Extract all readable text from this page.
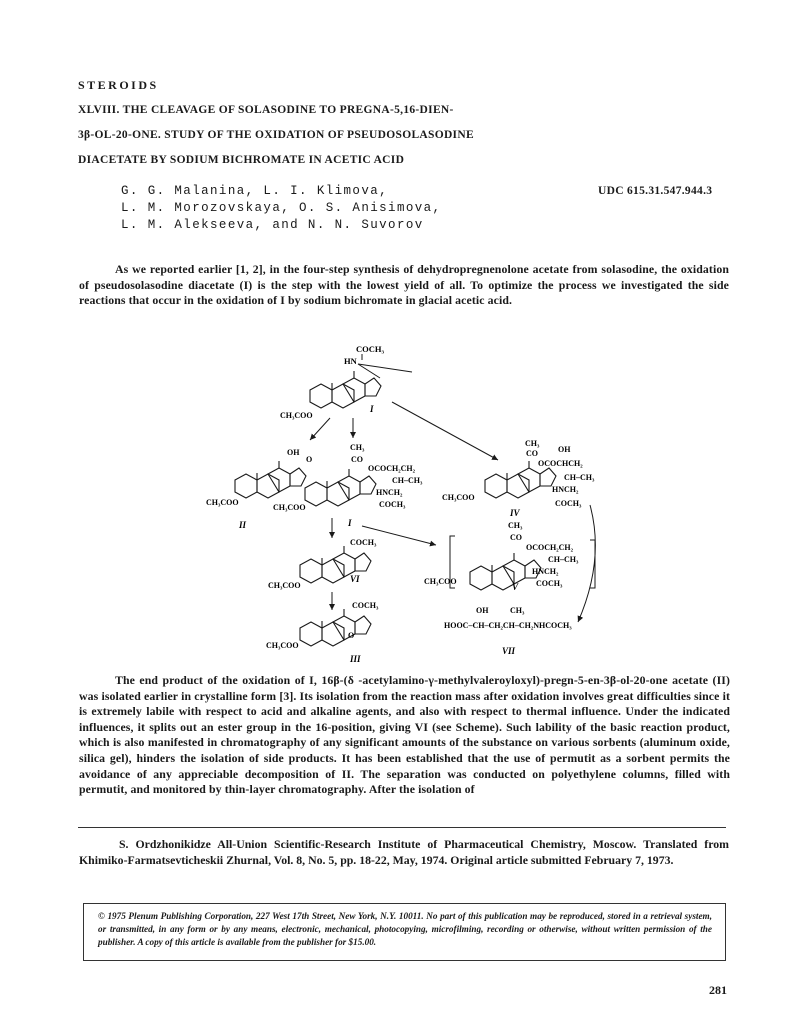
STEROIDS
XLVIII. THE CLEAVAGE OF SOLASODINE TO PREGNA-5,16-DIEN-
3β-OL-20-ONE. STUDY OF THE OXIDATION OF PSEUDOSOLASODINE
DIACETATE BY SODIUM BICHROMATE IN ACETIC ACID
G. G. Malanina, L. I. Klimova,
L. M. Morozovskaya, O. S. Anisimova,
L. M. Alekseeva, and N. N. Suvorov
UDC 615.31.547.944.3
As we reported earlier [1, 2], in the four-step synthesis of dehydropregnenolone acetate from solasodine, the oxidation of pseudosolasodine diacetate (I) is the step with the lowest yield of all. To optimize the process we investigated the side reactions that occur in the oxidation of I by sodium bichromate in glacial acetic acid.
COCH₃
HN
CH₃COO
I
OH
O
CH₃COO
II
CH₃
CO
OCOCH₂CH₂
CH–CH₃
HNCH₂
COCH₃
CH₃COO
I
CH₃
CO	OH
OCOCHCH₂
CH–CH₃
HNCH₂
COCH₃
CH₃COO
IV
COCH₃
CH₃COO
VI
COCH₃
O
CH₃COO
III
CH₃
CO
OCOCH₂CH₂
CH–CH₃
HNCH₂
COCH₃
CH₃COO
V
OH	CH₃
HOOC–CH–CH₂CH–CH₂NHCOCH₃
VII
The end product of the oxidation of I, 16β-(δ -acetylamino-γ-methylvaleroyloxyl)-pregn-5-en-3β-ol-20-one acetate (II) was isolated earlier in crystalline form [3]. Its isolation from the reaction mass after oxidation involves great difficulties since it is extremely labile with respect to acid and alkaline agents, and also with respect to thermal influence. Under the indicated influences, it splits out an ester group in the 16-position, giving VI (see Scheme). Such lability of the basic reaction product, which is also manifested in chromatography of any significant amounts of the substance on various sorbents (aluminum oxide, silica gel), hinders the isolation of side products. It has been established that the use of permutit as a sorbent permits the avoidance of any appreciable decomposition of II. The separation was conducted on polyethylene columns, filled with permutit, and monitored by thin-layer chromatography. After the isolation of
S. Ordzhonikidze All-Union Scientific-Research Institute of Pharmaceutical Chemistry, Moscow. Translated from Khimiko-Farmatsevticheskii Zhurnal, Vol. 8, No. 5, pp. 18-22, May, 1974. Original article submitted February 7, 1973.
© 1975 Plenum Publishing Corporation, 227 West 17th Street, New York, N.Y. 10011. No part of this publication may be reproduced, stored in a retrieval system, or transmitted, in any form or by any means, electronic, mechanical, photocopying, microfilming, recording or otherwise, without written permission of the publisher. A copy of this article is available from the publisher for $15.00.
281
